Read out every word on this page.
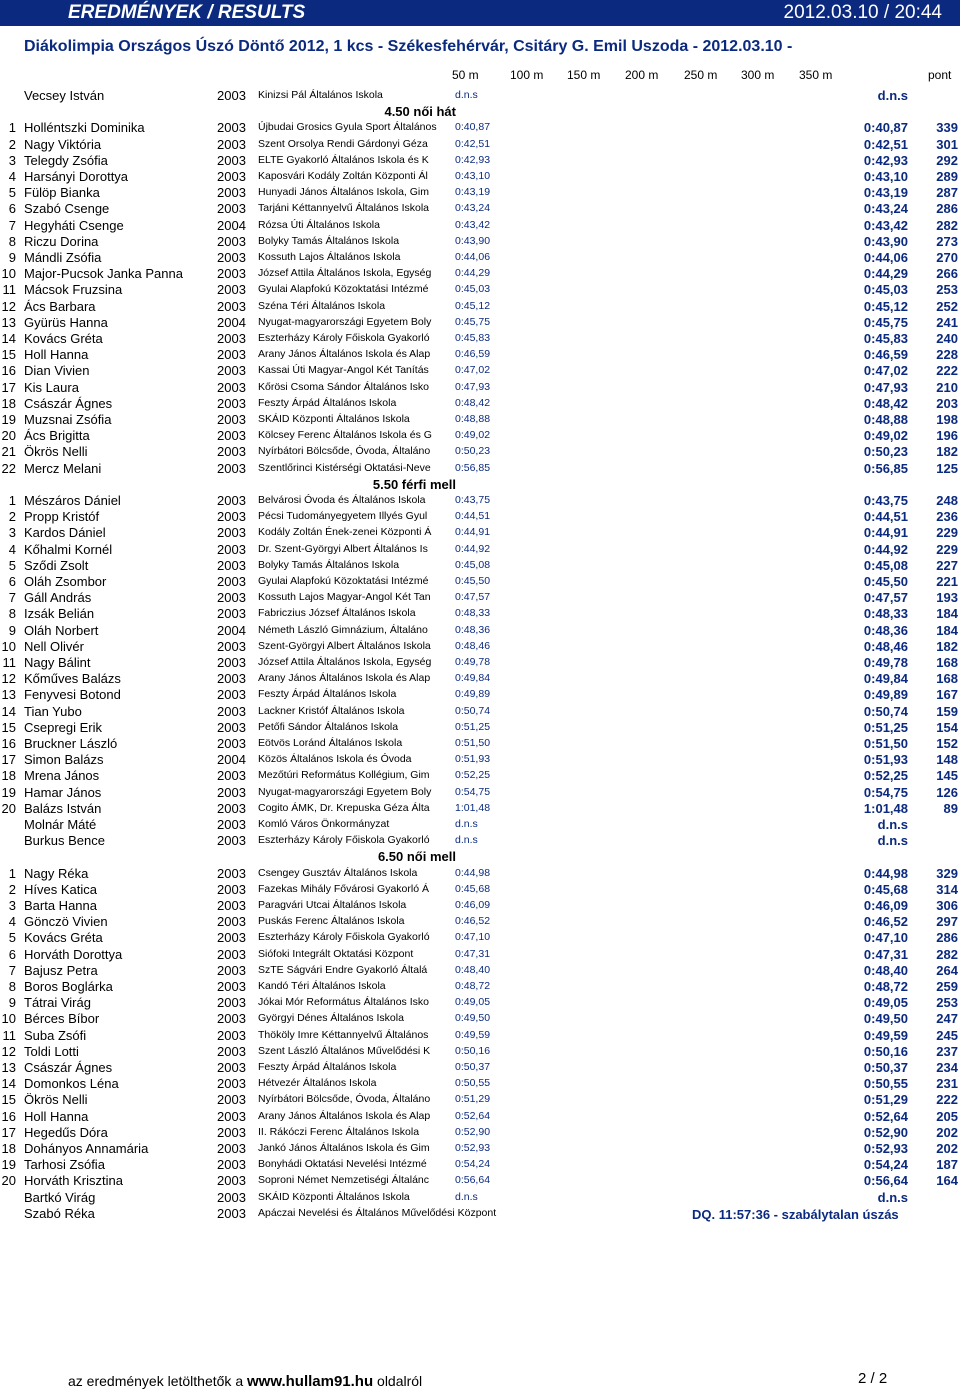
EREDMÉNYEK / RESULTS	2012.03.10 / 20:44
Diákolimpia Országos Úszó Döntő 2012, 1 kcs - Székesfehérvár, Csitáry G. Emil Uszoda - 2012.03.10 -
50 m	100 m 150 m 200 m 250 m 300 m 350 m	pont
Vecsey István	2003	Kinizsi Pál Általános Iskola	d.n.s	d.n.s
4.50 női hát
1 Holléntszki Dominika	2003	Újbudai Grosics Gyula Sport Általános 0:40,87	0:40,87	339
2 Nagy Viktória	2003	Szent Orsolya Rendi Gárdonyi Géza	0:42,51	0:42,51	301
3 Telegdy Zsófia	2003	ELTE Gyakorló Általános Iskola és K	0:42,93	0:42,93	292
4 Harsányi Dorottya	2003	Kaposvári Kodály Zoltán Központi Ál	0:43,10	0:43,10	289
5 Fülöp Bianka	2003	Hunyadi János Általános Iskola, Gim	0:43,19	0:43,19	287
6 Szabó Csenge	2003	Tarjáni Kéttannyelvű Általános Iskola	0:43,24	0:43,24	286
7 Hegyháti Csenge	2004	Rózsa Úti Általános Iskola	0:43,42	0:43,42	282
8 Riczu Dorina	2003	Bolyky Tamás Általános Iskola	0:43,90	0:43,90	273
9 Mándli Zsófia	2003	Kossuth Lajos Általános Iskola	0:44,06	0:44,06	270
10 Major-Pucsok Janka Panna	2003	József Attila Általános Iskola, Egység	0:44,29	0:44,29	266
11 Mácsok Fruzsina	2003	Gyulai Alapfokú Közoktatási Intézmé	0:45,03	0:45,03	253
12 Ács Barbara	2003	Széna Téri Általános Iskola	0:45,12	0:45,12	252
13 Gyürüs Hanna	2004	Nyugat-magyarországi Egyetem Boly	0:45,75	0:45,75	241
14 Kovács Gréta	2003	Eszterházy Károly Főiskola Gyakorló	0:45,83	0:45,83	240
15 Holl Hanna	2003	Arany János Általános Iskola és Alap	0:46,59	0:46,59	228
16 Dian Vivien	2003	Kassai Úti Magyar-Angol Két Tanítás	0:47,02	0:47,02	222
17 Kis Laura	2003	Kőrösi Csoma Sándor Általános Isko	0:47,93	0:47,93	210
18 Császár Ágnes	2003	Feszty Árpád Általános Iskola	0:48,42	0:48,42	203
19 Muzsnai Zsófia	2003	SKÁID Központi Általános Iskola	0:48,88	0:48,88	198
20 Ács Brigitta	2003	Kölcsey Ferenc Általános Iskola és G	0:49,02	0:49,02	196
21 Ökrös Nelli	2003	Nyírbátori Bölcsőde, Óvoda, Általáno	0:50,23	0:50,23	182
22 Mercz Melani	2003	Szentlőrinci Kistérségi Oktatási-Neve	0:56,85	0:56,85	125
5.50 férfi mell
1 Mészáros Dániel	2003	Belvárosi Óvoda és Általános Iskola	0:43,75	0:43,75	248
2 Propp Kristóf	2003	Pécsi Tudományegyetem Illyés Gyul	0:44,51	0:44,51	236
3 Kardos Dániel	2003	Kodály Zoltán Ének-zenei Központi Á	0:44,91	0:44,91	229
4 Kőhalmi Kornél	2003	Dr. Szent-Györgyi Albert Általános Is	0:44,92	0:44,92	229
5 Sződi Zsolt	2003	Bolyky Tamás Általános Iskola	0:45,08	0:45,08	227
6 Oláh Zsombor	2003	Gyulai Alapfokú Közoktatási Intézmé	0:45,50	0:45,50	221
7 Gáll András	2003	Kossuth Lajos Magyar-Angol Két Tan	0:47,57	0:47,57	193
8 Izsák Belián	2003	Fabriczius József Általános Iskola	0:48,33	0:48,33	184
9 Oláh Norbert	2004	Németh László Gimnázium, Általáno	0:48,36	0:48,36	184
10 Nell Olivér	2003	Szent-Györgyi Albert Általános Iskola	0:48,46	0:48,46	182
11 Nagy Bálint	2003	József Attila Általános Iskola, Egység	0:49,78	0:49,78	168
12 Kőműves Balázs	2003	Arany János Általános Iskola és Alap	0:49,84	0:49,84	168
13 Fenyvesi Botond	2003	Feszty Árpád Általános Iskola	0:49,89	0:49,89	167
14 Tian Yubo	2003	Lackner Kristóf Általános Iskola	0:50,74	0:50,74	159
15 Csepregi Erik	2003	Petőfi Sándor Általános Iskola	0:51,25	0:51,25	154
16 Bruckner László	2003	Eötvös Loránd Általános Iskola	0:51,50	0:51,50	152
17 Simon Balázs	2004	Közös Általános Iskola és Óvoda	0:51,93	0:51,93	148
18 Mrena János	2003	Mezőtúri Református Kollégium, Gim	0:52,25	0:52,25	145
19 Hamar János	2003	Nyugat-magyarországi Egyetem Boly	0:54,75	0:54,75	126
20 Balázs István	2003	Cogito ÁMK, Dr. Krepuska Géza Álta	1:01,48	1:01,48	89
Molnár Máté	2003	Komló Város Önkormányzat	d.n.s	d.n.s
Burkus Bence	2003	Eszterházy Károly Főiskola Gyakorló	d.n.s	d.n.s
6.50 női mell
1 Nagy Réka	2003	Csengey Gusztáv Általános Iskola	0:44,98	0:44,98	329
2 Híves Katica	2003	Fazekas Mihály Fővárosi Gyakorló Á	0:45,68	0:45,68	314
3 Barta Hanna	2003	Paragvári Utcai Általános Iskola	0:46,09	0:46,09	306
4 Gönczö Vivien	2003	Puskás Ferenc Általános Iskola	0:46,52	0:46,52	297
5 Kovács Gréta	2003	Eszterházy Károly Főiskola Gyakorló	0:47,10	0:47,10	286
6 Horváth Dorottya	2003	Siófoki Integrált Oktatási Központ	0:47,31	0:47,31	282
7 Bajusz Petra	2003	SzTE Ságvári Endre Gyakorló Általá	0:48,40	0:48,40	264
8 Boros Boglárka	2003	Kandó Téri Általános Iskola	0:48,72	0:48,72	259
9 Tátrai Virág	2003	Jókai Mór Református Általános Isko	0:49,05	0:49,05	253
10 Bérces Bíbor	2003	Györgyi Dénes Általános Iskola	0:49,50	0:49,50	247
11 Suba Zsófi	2003	Thököly Imre Kéttannyelvű Általános	0:49,59	0:49,59	245
12 Toldi Lotti	2003	Szent László Általános Művelődési K	0:50,16	0:50,16	237
13 Császár Ágnes	2003	Feszty Árpád Általános Iskola	0:50,37	0:50,37	234
14 Domonkos Léna	2003	Hétvezér Általános Iskola	0:50,55	0:50,55	231
15 Ökrös Nelli	2003	Nyírbátori Bölcsőde, Óvoda, Általáno	0:51,29	0:51,29	222
16 Holl Hanna	2003	Arany János Általános Iskola és Alap	0:52,64	0:52,64	205
17 Hegedűs Dóra	2003	II. Rákóczi Ferenc Általános Iskola	0:52,90	0:52,90	202
18 Dohányos Annamária	2003	Jankó János Általános Iskola és Gim	0:52,93	0:52,93	202
19 Tarhosi Zsófia	2003	Bonyhádi Oktatási Nevelési Intézmé	0:54,24	0:54,24	187
20 Horváth Krisztina	2003	Soproni Német Nemzetiségi Általánc	0:56,64	0:56,64	164
Bartkó Virág	2003	SKÁID Központi Általános Iskola	d.n.s	d.n.s
Szabó Réka	2003	Apáczai Nevelési és Általános Művelődési Központ	DQ. 11:57:36 - szabálytalan úszás
az eredmények letölthetők a www.hullam91.hu oldalról	2 / 2
